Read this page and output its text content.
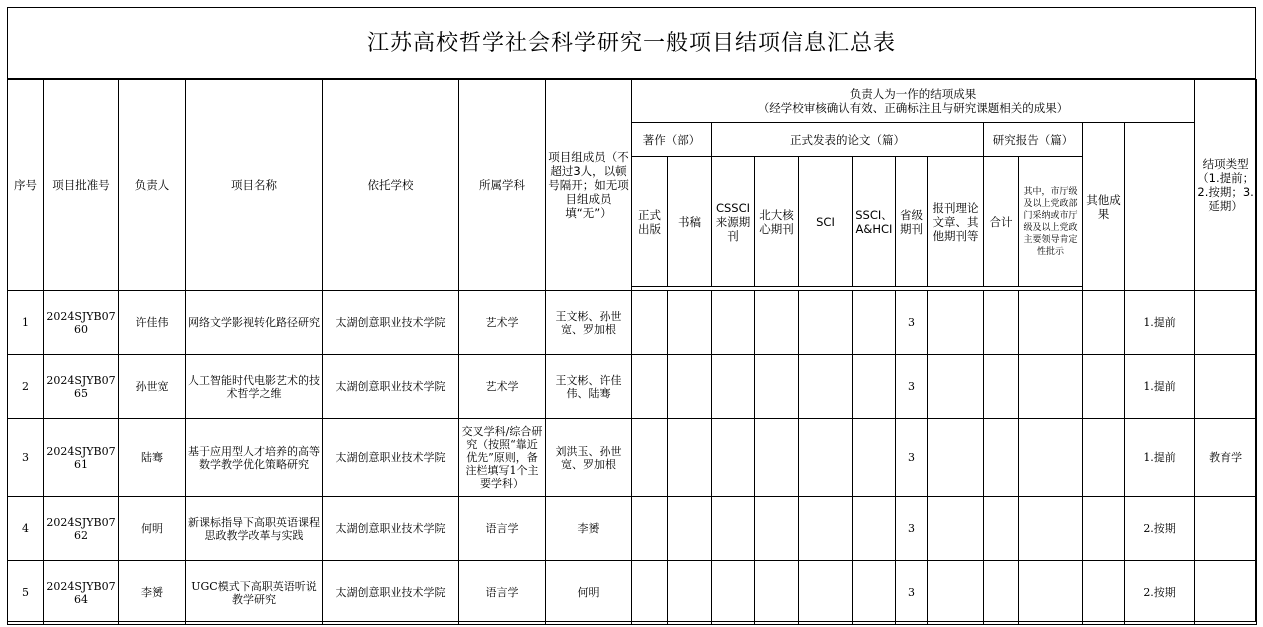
江苏高校哲学社会科学研究一般项目结项信息汇总表
序号	项目批准号	负责人	项目名称	依托学校	所属学科	项目组成员（不超过3人，以顿号隔开；如无项目组成员填“无”）	负责人为一作的结项成果
（经学校审核确认有效、正确标注且与研究课题相关的成果）												结项类型（1.提前；2.按期；3.延期）	
							著作（部）		正式发表的论文（篇）						研究报告（篇）		其他成果			
							正式出版	书稿	CSSCI来源期刊	北大核心期刊	SCI	SSCI、A&HCI	省级期刊	报刊理论文章、其他期刊等	合计	其中，市厅级及以上党政部门采纳或市厅级及以上党政主要领导肯定性批示				

1	2024SJYB0760	许佳伟	网络文学影视转化路径研究	太湖创意职业技术学院	艺术学	王文彬、孙世宽、罗加根							3					1.提前		
2	2024SJYB0765	孙世宽	人工智能时代电影艺术的技术哲学之维	太湖创意职业技术学院	艺术学	王文彬、许佳伟、陆骞							3					1.提前		
3	2024SJYB0761	陆骞	基于应用型人才培养的高等数学教学优化策略研究	太湖创意职业技术学院	交叉学科/综合研究（按照“靠近优先”原则，备注栏填写1个主要学科）	刘洪玉、孙世宽、罗加根							3					1.提前	教育学	
4	2024SJYB0762	何明	新课标指导下高职英语课程思政教学改革与实践	太湖创意职业技术学院	语言学	李赟							3					2.按期		
5	2024SJYB0764	李赟	UGC模式下高职英语听说教学研究	太湖创意职业技术学院	语言学	何明							3					2.按期		
